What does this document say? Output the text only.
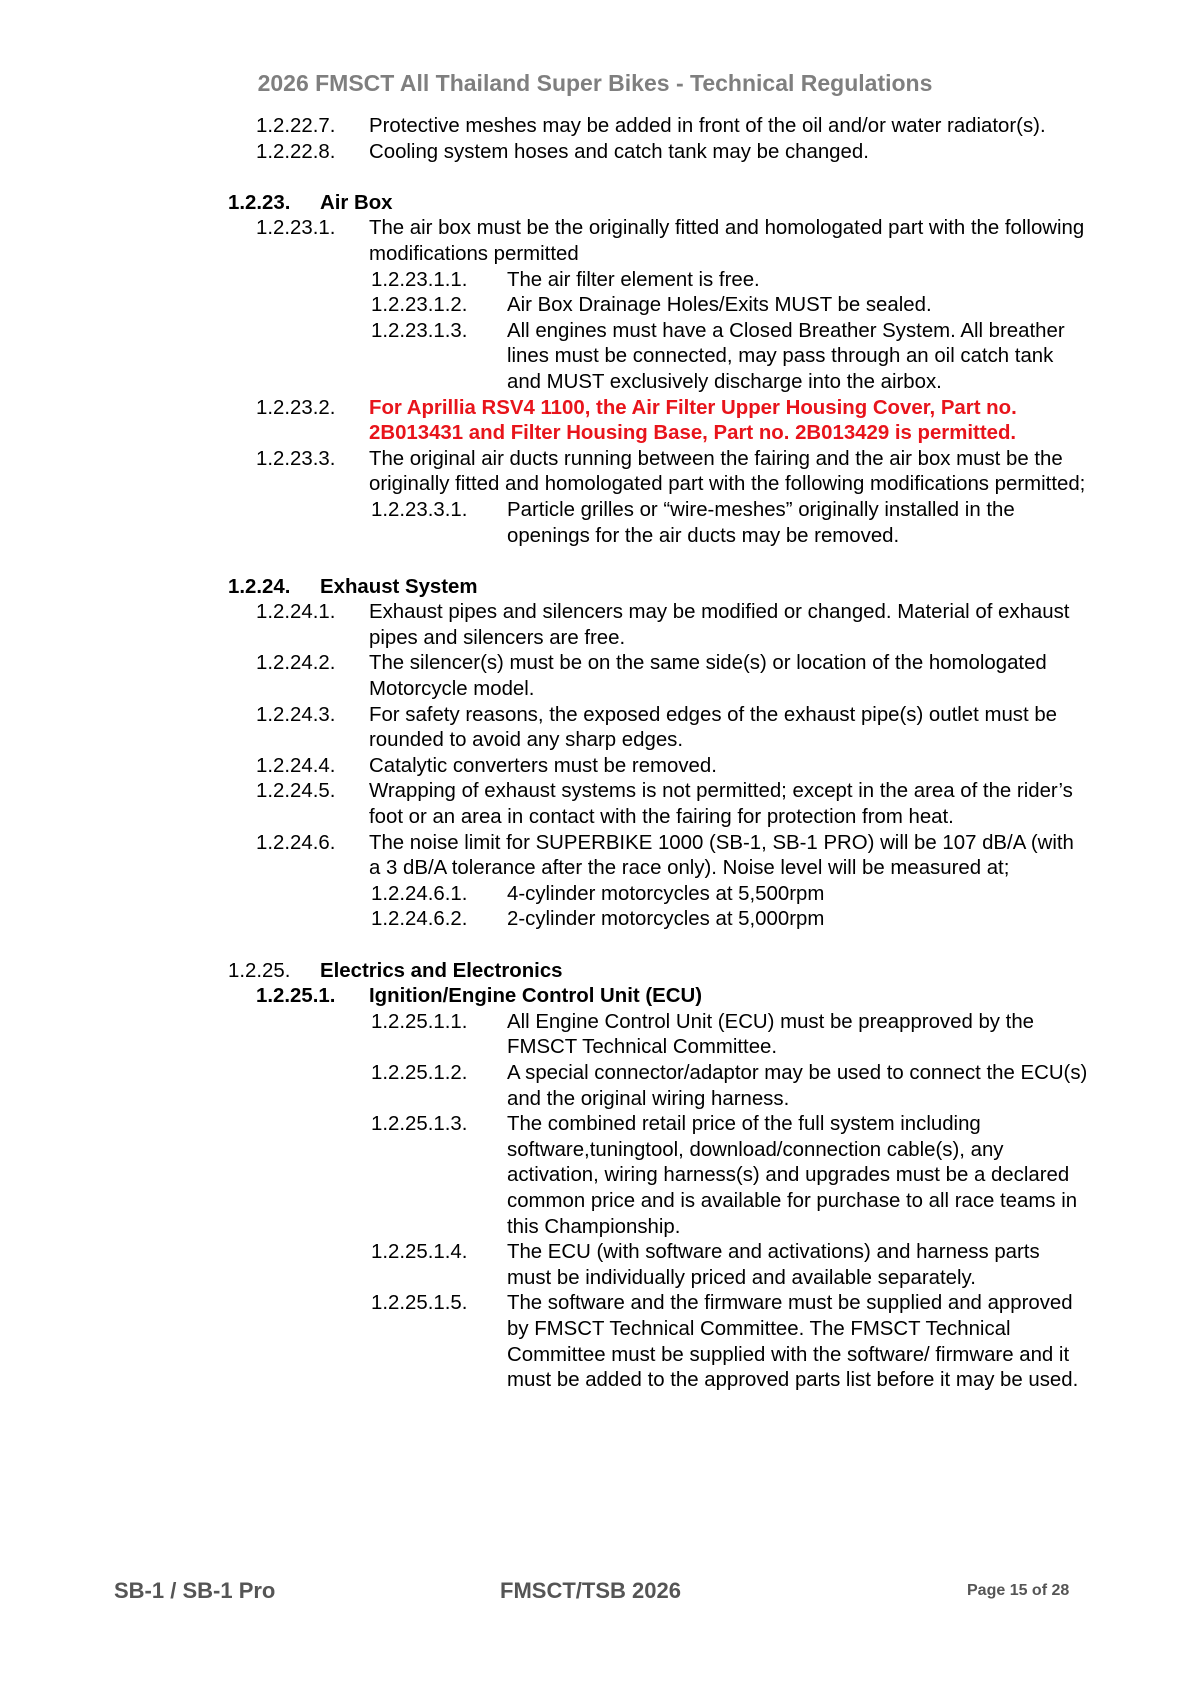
2026 FMSCT All Thailand Super Bikes - Technical Regulations
1.2.22.7. Protective meshes may be added in front of the oil and/or water radiator(s).
1.2.22.8. Cooling system hoses and catch tank may be changed.
1.2.23. Air Box
1.2.23.1. The air box must be the originally fitted and homologated part with the following modifications permitted
1.2.23.1.1. The air filter element is free.
1.2.23.1.2. Air Box Drainage Holes/Exits MUST be sealed.
1.2.23.1.3. All engines must have a Closed Breather System. All breather lines must be connected, may pass through an oil catch tank and MUST exclusively discharge into the airbox.
1.2.23.2. For Aprillia RSV4 1100, the Air Filter Upper Housing Cover, Part no. 2B013431 and Filter Housing Base, Part no. 2B013429 is permitted.
1.2.23.3. The original air ducts running between the fairing and the air box must be the originally fitted and homologated part with the following modifications permitted;
1.2.23.3.1. Particle grilles or “wire-meshes” originally installed in the openings for the air ducts may be removed.
1.2.24. Exhaust System
1.2.24.1. Exhaust pipes and silencers may be modified or changed. Material of exhaust pipes and silencers are free.
1.2.24.2. The silencer(s) must be on the same side(s) or location of the homologated Motorcycle model.
1.2.24.3. For safety reasons, the exposed edges of the exhaust pipe(s) outlet must be rounded to avoid any sharp edges.
1.2.24.4. Catalytic converters must be removed.
1.2.24.5. Wrapping of exhaust systems is not permitted; except in the area of the rider’s foot or an area in contact with the fairing for protection from heat.
1.2.24.6. The noise limit for SUPERBIKE 1000 (SB-1, SB-1 PRO) will be 107 dB/A (with a 3 dB/A tolerance after the race only). Noise level will be measured at;
1.2.24.6.1. 4-cylinder motorcycles at 5,500rpm
1.2.24.6.2. 2-cylinder motorcycles at 5,000rpm
1.2.25. Electrics and Electronics
1.2.25.1. Ignition/Engine Control Unit (ECU)
1.2.25.1.1. All Engine Control Unit (ECU) must be preapproved by the FMSCT Technical Committee.
1.2.25.1.2. A special connector/adaptor may be used to connect the ECU(s) and the original wiring harness.
1.2.25.1.3. The combined retail price of the full system including software,tuningtool, download/connection cable(s), any activation, wiring harness(s) and upgrades must be a declared common price and is available for purchase to all race teams in this Championship.
1.2.25.1.4. The ECU (with software and activations) and harness parts must be individually priced and available separately.
1.2.25.1.5. The software and the firmware must be supplied and approved by FMSCT Technical Committee. The FMSCT Technical Committee must be supplied with the software/ firmware and it must be added to the approved parts list before it may be used.
SB-1 / SB-1 Pro	FMSCT/TSB 2026	Page 15 of 28
